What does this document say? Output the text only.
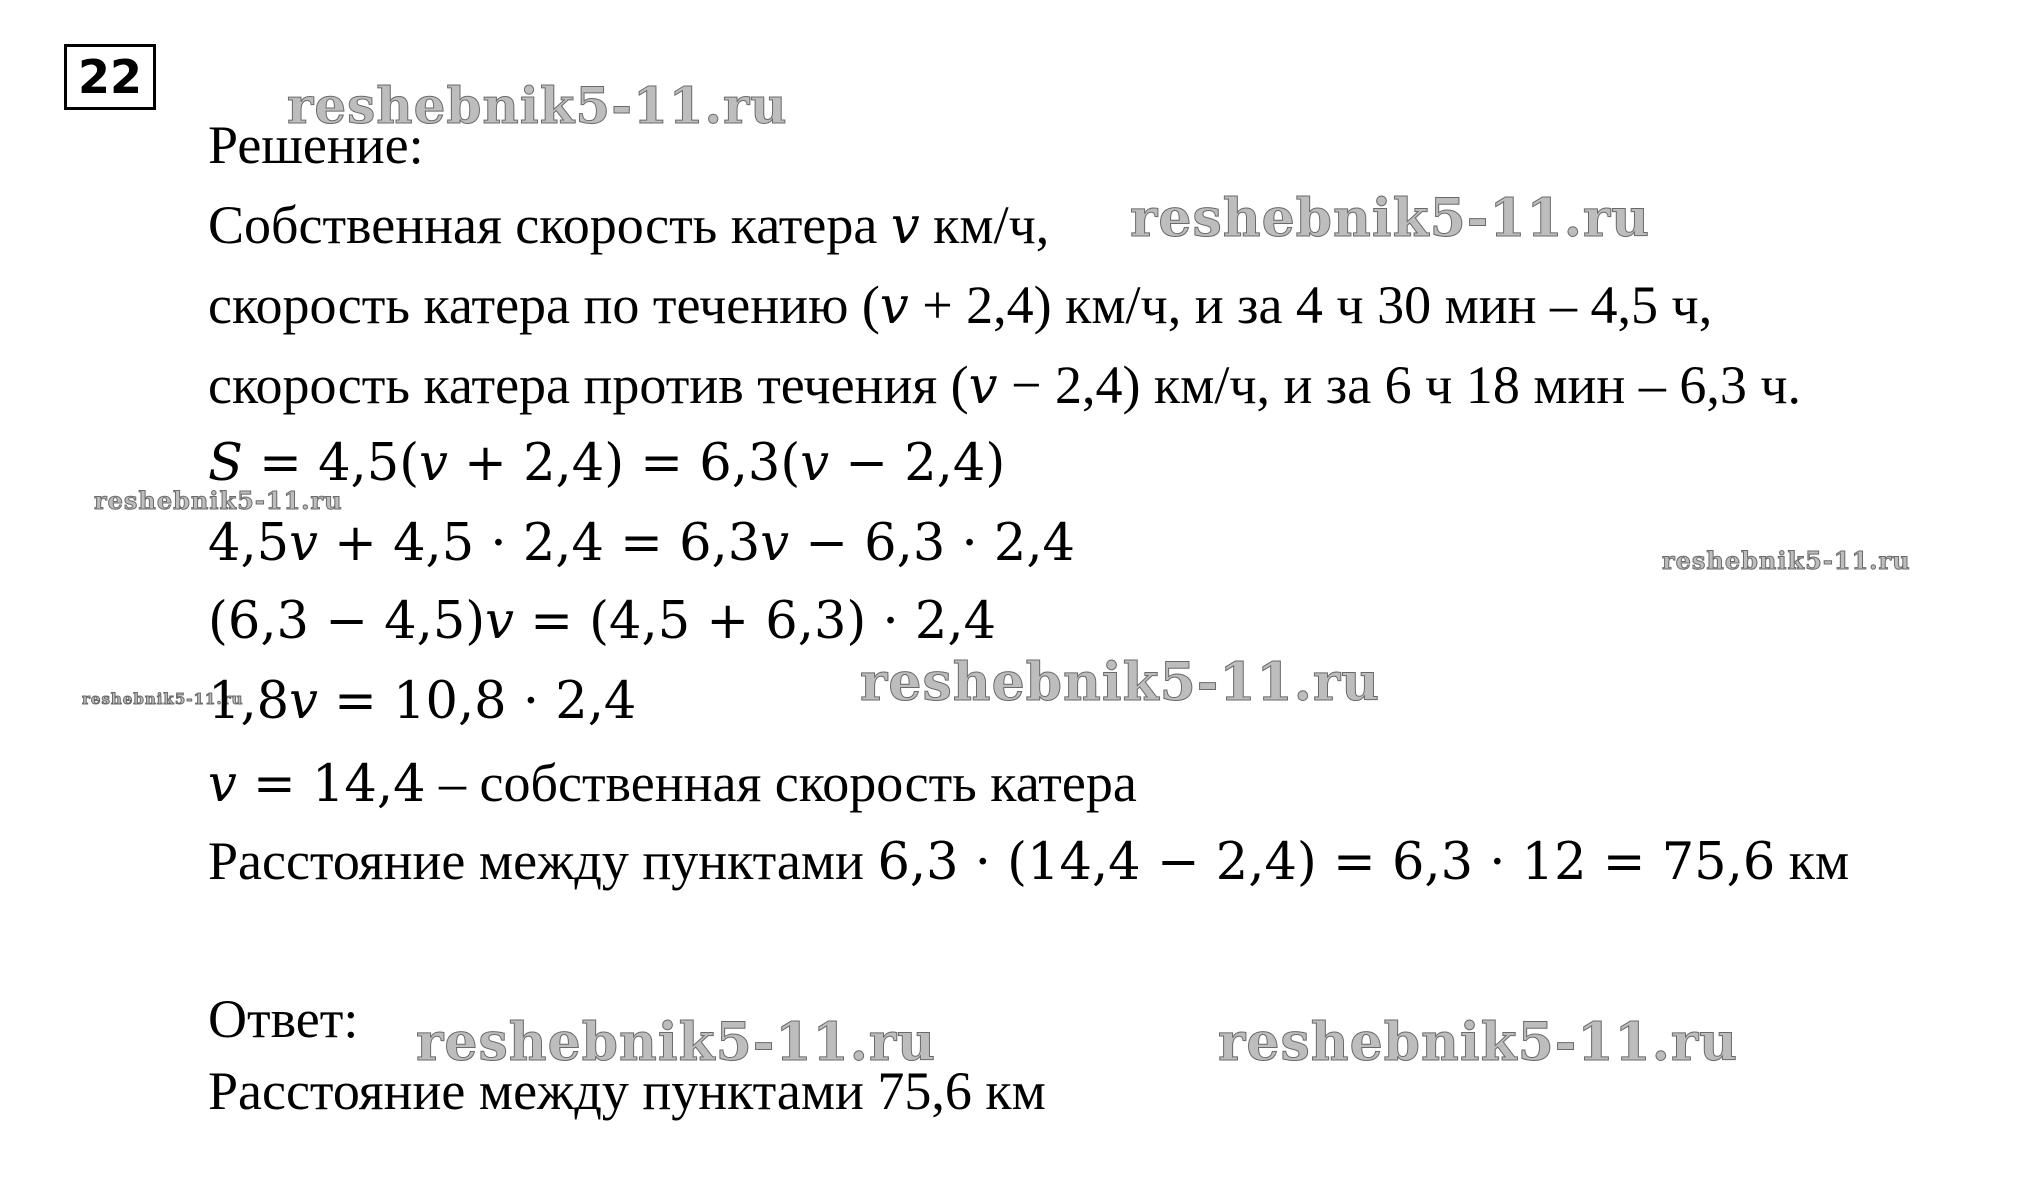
22	reshebnik5-11.ru
reshebnik5-11.ru
reshebnik5-11.ru
reshebnik5-11.ru
reshebnik5-11.ru	reshebnik5-11.ru
reshebnik5-11.ru	reshebnik5-11.ru
Решение:
Собственная скорость катера v км/ч,
скорость катера по течению (v + 2,4) км/ч, и за 4 ч 30 мин – 4,5 ч,
скорость катера против течения (v − 2,4) км/ч, и за 6 ч 18 мин – 6,3 ч.
S = 4,5(v + 2,4) = 6,3(v − 2,4)
4,5v + 4,5 · 2,4 = 6,3v − 6,3 · 2,4
(6,3 − 4,5)v = (4,5 + 6,3) · 2,4
1,8v = 10,8 · 2,4
v = 14,4 – собственная скорость катера
Расстояние между пунктами 6,3 · (14,4 − 2,4) = 6,3 · 12 = 75,6 км
Ответ:
Расстояние между пунктами 75,6 км
